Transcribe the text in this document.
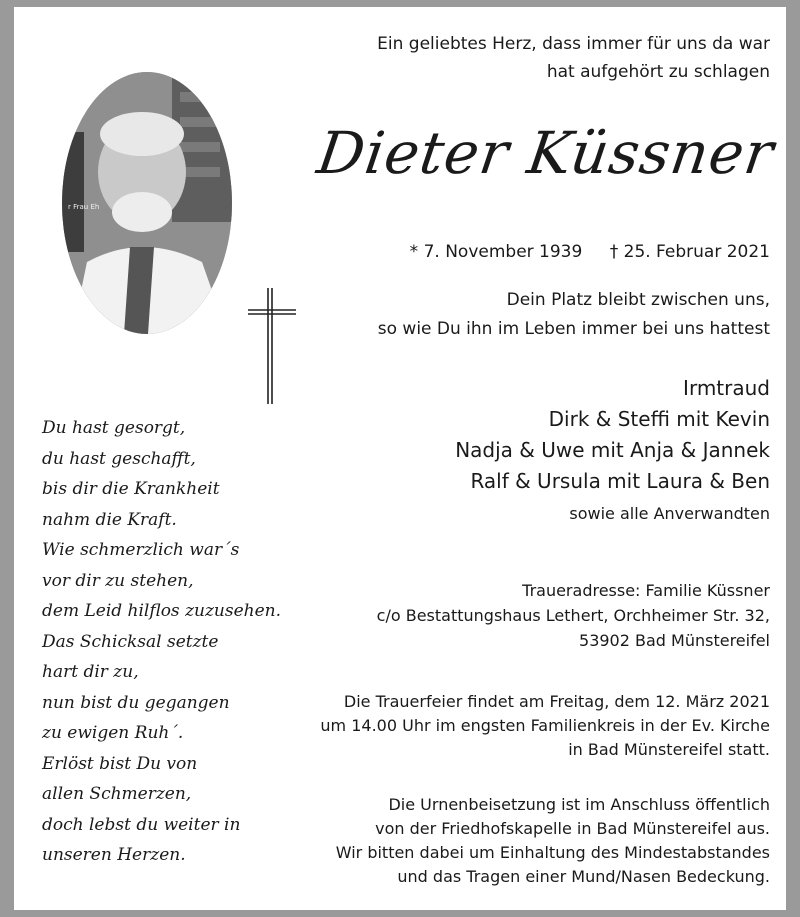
r Frau Eh
Ein geliebtes Herz, dass immer für uns da war
hat aufgehört zu schlagen
Dieter Küssner
* 7. November 1939 † 25. Februar 2021
Dein Platz bleibt zwischen uns,
so wie Du ihn im Leben immer bei uns hattest
Irmtraud
Dirk & Steffi mit Kevin
Nadja & Uwe mit Anja & Jannek
Ralf & Ursula mit Laura & Ben
sowie alle Anverwandten
Traueradresse: Familie Küssner
c/o Bestattungshaus Lethert, Orchheimer Str. 32,
53902 Bad Münstereifel
Die Trauerfeier findet am Freitag, dem 12. März 2021
um 14.00 Uhr im engsten Familienkreis in der Ev. Kirche
in Bad Münstereifel statt.
Die Urnenbeisetzung ist im Anschluss öffentlich
von der Friedhofskapelle in Bad Münstereifel aus.
Wir bitten dabei um Einhaltung des Mindestabstandes
und das Tragen einer Mund/Nasen Bedeckung.
Du hast gesorgt,
du hast geschafft,
bis dir die Krankheit
nahm die Kraft.
Wie schmerzlich war´s
vor dir zu stehen,
dem Leid hilflos zuzusehen.
Das Schicksal setzte
hart dir zu,
nun bist du gegangen
zu ewigen Ruh´.
Erlöst bist Du von
allen Schmerzen,
doch lebst du weiter in
unseren Herzen.
